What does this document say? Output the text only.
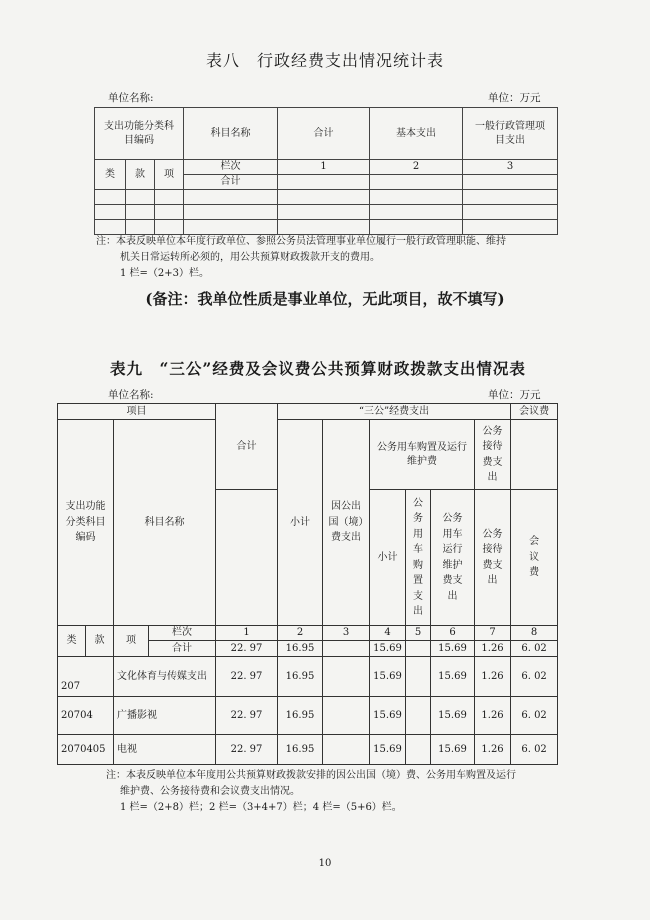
表八　行政经费支出情况统计表
单位名称:	单位：万元
支出功能分类科目编码			科目名称	合计	基本支出	一般行政管理项目支出
类	款	项	栏次	1	2	3
			合计			

注：本表反映单位本年度行政单位、参照公务员法管理事业单位履行一般行政管理职能、维持
机关日常运转所必须的，用公共预算财政拨款开支的费用。
1 栏=（2+3）栏。
(备注：我单位性质是事业单位，无此项目，故不填写)
表九　“三公”经费及会议费公共预算财政拨款支出情况表
单位名称:	单位：万元
项目				合计	“三公”经费支出						会议费
支出功能分类科目编码		科目名称			小计	因公出国（境）费支出	公务用车购置及运行维护费			公务接待费支出	
							小计	公务用车购置支出	公务用车运行维护费支出	公务接待费支出	会议费
类	款	项	栏次	1	2	3	4	5	6	7	8
			合计	22. 97	16.95		15.69		15.69	1.26	6. 02
207		文化体育与传媒支出		22. 97	16.95		15.69		15.69	1.26	6. 02
20704		广播影视		22. 97	16.95		15.69		15.69	1.26	6. 02
2070405		电视		22. 97	16.95		15.69		15.69	1.26	6. 02
注：本表反映单位本年度用公共预算财政拨款安排的因公出国（境）费、公务用车购置及运行
维护费、公务接待费和会议费支出情况。
1 栏=（2+8）栏；2 栏=（3+4+7）栏；4 栏=（5+6）栏。
10
